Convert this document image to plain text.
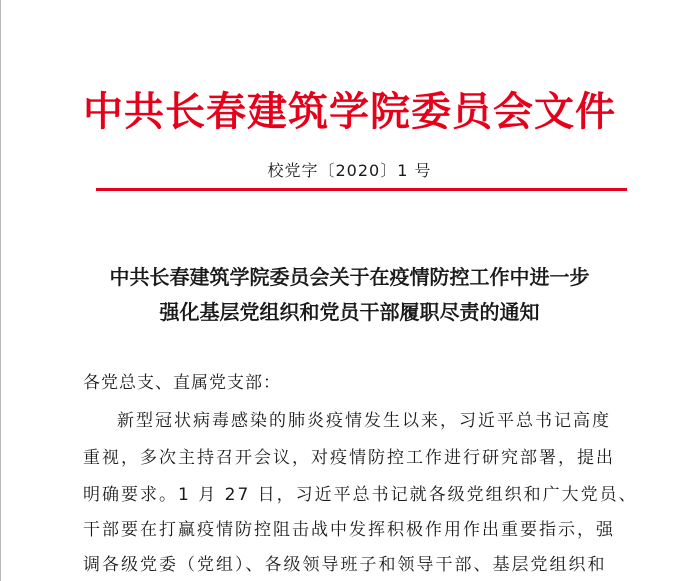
中共长春建筑学院委员会文件
校党字〔2020〕1 号
中共长春建筑学院委员会关于在疫情防控工作中进一步
强化基层党组织和党员干部履职尽责的通知
各党总支、直属党支部：
新型冠状病毒感染的肺炎疫情发生以来，习近平总书记高度
重视，多次主持召开会议，对疫情防控工作进行研究部署，提出
明确要求。1 月 27 日，习近平总书记就各级党组织和广大党员、
干部要在打赢疫情防控阻击战中发挥积极作用作出重要指示，强
调各级党委（党组）、各级领导班子和领导干部、基层党组织和
